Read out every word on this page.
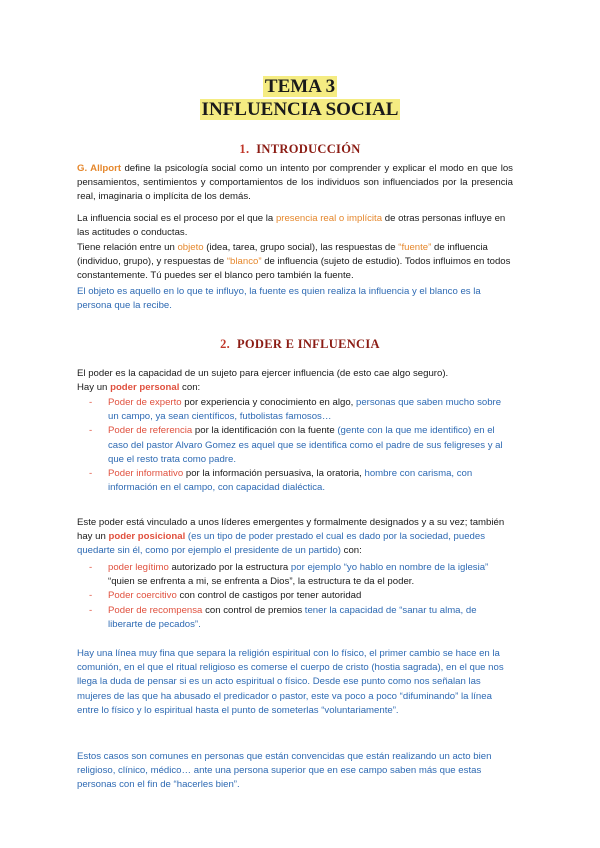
TEMA 3
INFLUENCIA SOCIAL
1. INTRODUCCIÓN
G. Allport define la psicología social como un intento por comprender y explicar el modo en que los pensamientos, sentimientos y comportamientos de los individuos son influenciados por la presencia real, imaginaria o implícita de los demás.
La influencia social es el proceso por el que la presencia real o implícita de otras personas influye en las actitudes o conductas.
Tiene relación entre un objeto (idea, tarea, grupo social), las respuestas de “fuente” de influencia (individuo, grupo), y respuestas de “blanco” de influencia (sujeto de estudio). Todos influimos en todos constantemente. Tú puedes ser el blanco pero también la fuente.
El objeto es aquello en lo que te influyo, la fuente es quien realiza la influencia y el blanco es la persona que la recibe.
2. PODER E INFLUENCIA
El poder es la capacidad de un sujeto para ejercer influencia (de esto cae algo seguro).
Hay un poder personal con:
- Poder de experto por experiencia y conocimiento en algo, personas que saben mucho sobre un campo, ya sean científicos, futbolistas famosos…
- Poder de referencia por la identificación con la fuente (gente con la que me identifico) en el caso del pastor Alvaro Gomez es aquel que se identifica como el padre de sus feligreses y al que el resto trata como padre.
- Poder informativo por la información persuasiva, la oratoria, hombre con carisma, con información en el campo, con capacidad dialéctica.
Este poder está vinculado a unos líderes emergentes y formalmente designados y a su vez; también hay un poder posicional (es un tipo de poder prestado el cual es dado por la sociedad, puedes quedarte sin él, como por ejemplo el presidente de un partido) con:
- poder legítimo autorizado por la estructura por ejemplo “yo hablo en nombre de la iglesia” “quien se enfrenta a mi, se enfrenta a Dios”, la estructura te da el poder.
- Poder coercitivo con control de castigos por tener autoridad
- Poder de recompensa con control de premios tener la capacidad de “sanar tu alma, de liberarte de pecados”.
Hay una línea muy fina que separa la religión espiritual con lo físico, el primer cambio se hace en la comunión, en el que el ritual religioso es comerse el cuerpo de cristo (hostia sagrada), en el que nos llega la duda de pensar si es un acto espiritual o físico. Desde ese punto como nos señalan las mujeres de las que ha abusado el predicador o pastor, este va poco a poco “difuminando” la línea entre lo físico y lo espiritual hasta el punto de someterlas “voluntariamente”.
Estos casos son comunes en personas que están convencidas que están realizando un acto bien religioso, clínico, médico… ante una persona superior que en ese campo saben más que estas personas con el fin de “hacerles bien”.
